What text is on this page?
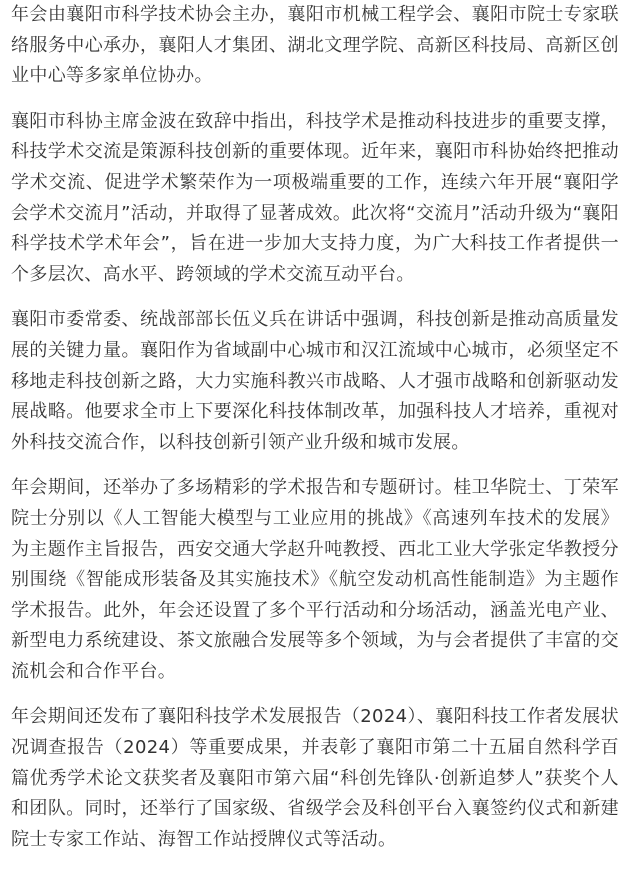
年会由襄阳市科学技术协会主办，襄阳市机械工程学会、襄阳市院士专家联络服务中心承办，襄阳人才集团、湖北文理学院、高新区科技局、高新区创业中心等多家单位协办。

襄阳市科协主席金波在致辞中指出，科技学术是推动科技进步的重要支撑，科技学术交流是策源科技创新的重要体现。近年来，襄阳市科协始终把推动学术交流、促进学术繁荣作为一项极端重要的工作，连续六年开展“襄阳学会学术交流月”活动，并取得了显著成效。此次将“交流月”活动升级为“襄阳科学技术学术年会”，旨在进一步加大支持力度，为广大科技工作者提供一个多层次、高水平、跨领域的学术交流互动平台。

襄阳市委常委、统战部部长伍义兵在讲话中强调，科技创新是推动高质量发展的关键力量。襄阳作为省域副中心城市和汉江流域中心城市，必须坚定不移地走科技创新之路，大力实施科教兴市战略、人才强市战略和创新驱动发展战略。他要求全市上下要深化科技体制改革，加强科技人才培养，重视对外科技交流合作，以科技创新引领产业升级和城市发展。

年会期间，还举办了多场精彩的学术报告和专题研讨。桂卫华院士、丁荣军院士分别以《人工智能大模型与工业应用的挑战》《高速列车技术的发展》为主题作主旨报告，西安交通大学赵升吨教授、西北工业大学张定华教授分别围绕《智能成形装备及其实施技术》《航空发动机高性能制造》为主题作学术报告。此外，年会还设置了多个平行活动和分场活动，涵盖光电产业、新型电力系统建设、茶文旅融合发展等多个领域，为与会者提供了丰富的交流机会和合作平台。

年会期间还发布了襄阳科技学术发展报告（2024）、襄阳科技工作者发展状况调查报告（2024）等重要成果，并表彰了襄阳市第二十五届自然科学百篇优秀学术论文获奖者及襄阳市第六届“科创先锋队·创新追梦人”获奖个人和团队。同时，还举行了国家级、省级学会及科创平台入襄签约仪式和新建院士专家工作站、海智工作站授牌仪式等活动。
